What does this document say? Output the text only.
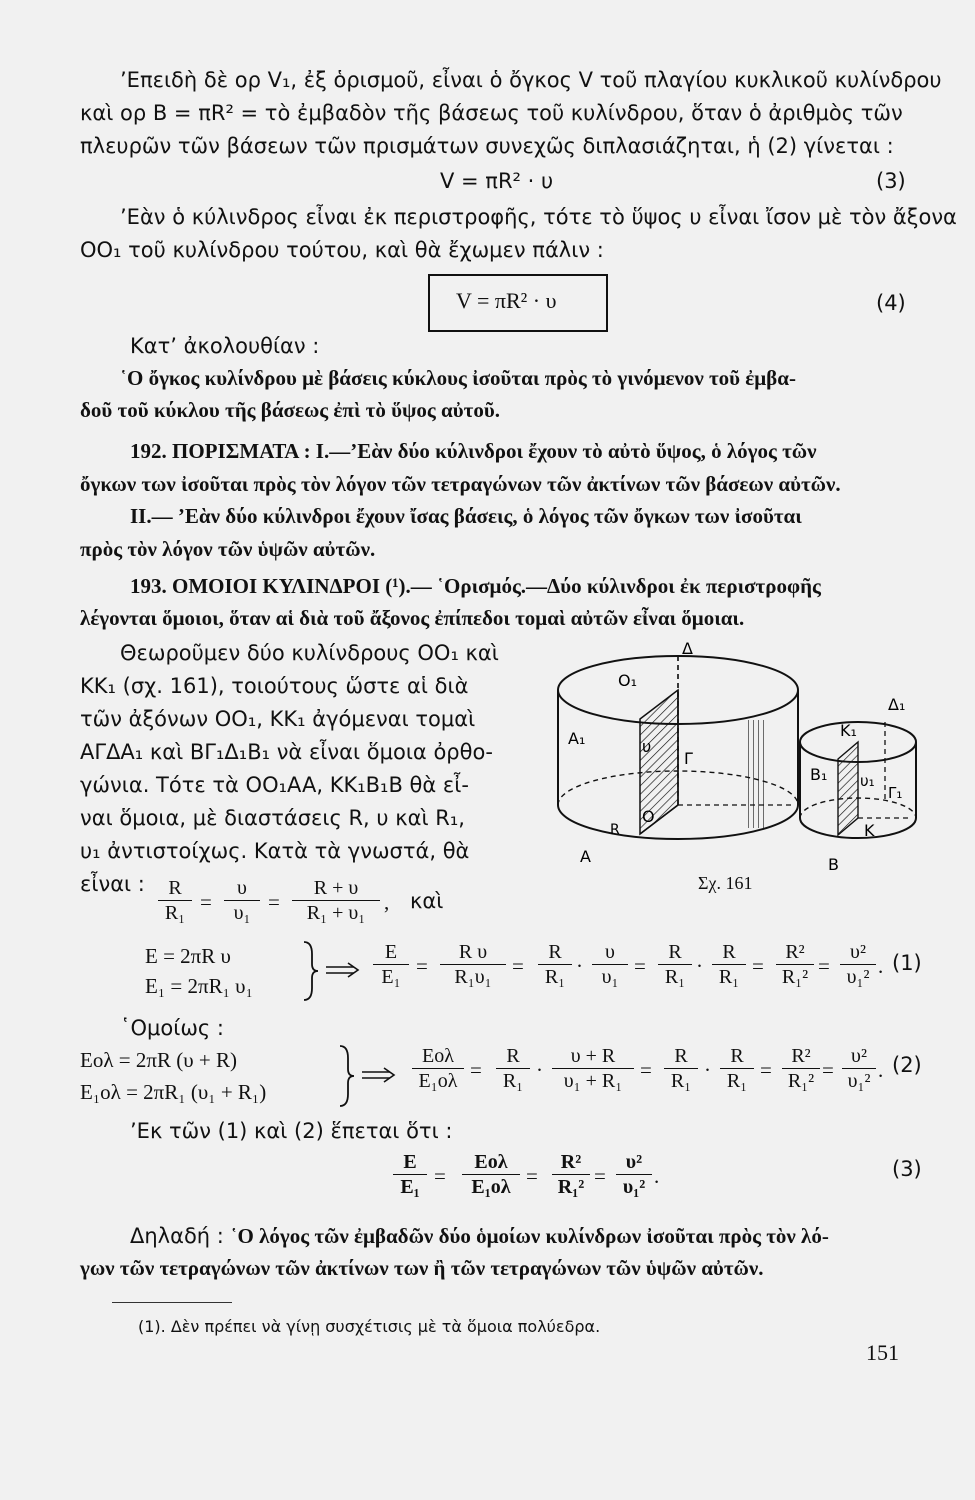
’Επειδὴ δὲ ορ V₁, ἐξ ὁρισμοῦ, εἶναι ὁ ὄγκος V τοῦ πλαγίου κυκλικοῦ κυλίνδρου
καὶ ορ B = πR² = τὸ ἐμβαδὸν τῆς βάσεως τοῦ κυλίνδρου, ὅταν ὁ ἀριθμὸς τῶν
πλευρῶν τῶν βάσεων τῶν πρισμάτων συνεχῶς διπλασιάζηται, ἡ (2) γίνεται :
V = πR² · υ	(3)
’Εὰν ὁ κύλινδρος εἶναι ἐκ περιστροφῆς, τότε τὸ ὕψος υ εἶναι ἴσον μὲ τὸν ἄξονα
OO₁ τοῦ κυλίνδρου τούτου, καὶ θὰ ἔχωμεν πάλιν :
V = πR² · υ	(4)
Κατ’ ἀκολουθίαν :
῾Ο ὄγκος κυλίνδρου μὲ βάσεις κύκλους ἰσοῦται πρὸς τὸ γινόμενον τοῦ ἐμβα-
δοῦ τοῦ κύκλου τῆς βάσεως ἐπὶ τὸ ὕψος αὐτοῦ.
192. ΠΟΡΙΣΜΑΤΑ : I.—’Εὰν δύο κύλινδροι ἔχουν τὸ αὐτὸ ὕψος, ὁ λόγος τῶν
ὄγκων των ἰσοῦται πρὸς τὸν λόγον τῶν τετραγώνων τῶν ἀκτίνων τῶν βάσεων αὐτῶν.
II.— ’Εὰν δύο κύλινδροι ἔχουν ἴσας βάσεις, ὁ λόγος τῶν ὄγκων των ἰσοῦται
πρὸς τὸν λόγον τῶν ὑψῶν αὐτῶν.
193. ΟΜΟΙΟΙ ΚΥΛΙΝΔΡΟΙ (¹).— ῾Ορισμός.—Δύο κύλινδροι ἐκ περιστροφῆς
λέγονται ὅμοιοι, ὅταν αἱ διὰ τοῦ ἄξονος ἐπίπεδοι τομαὶ αὐτῶν εἶναι ὅμοιαι.
Θεωροῦμεν δύο κυλίνδρους OO₁ καὶ
KK₁ (σχ. 161), τοιούτους ὥστε αἱ διὰ
τῶν ἀξόνων OO₁, KK₁ ἀγόμεναι τομαὶ
ΑΓΔΑ₁ καὶ ΒΓ₁Δ₁Β₁ νὰ εἶναι ὅμοια ὀρθο-
γώνια. Τότε τὰ OO₁AA, KK₁B₁B θὰ εἶ-
ναι ὅμοια, μὲ διαστάσεις R, υ καὶ R₁,
υ₁ ἀντιστοίχως. Κατὰ τὰ γνωστά, θὰ
εἶναι :
Δ
O₁
A₁	υ
Γ
O
R
A
Δ₁
K₁
B₁ υ₁
Γ₁
K
B
Σχ. 161
$\frac{R}{\text{R₁}} = \frac{\upsilon}{\text{υ₁}} = \frac{R + \upsilon}{\text{R₁ + υ₁}}$ , καὶ
E = 2πR υ
E₁ = 2πR₁ υ₁	$\frac{E}{\text{E₁}} = \frac{\text{R υ}}{\text{R₁υ₁}} = \frac{R}{\text{R₁}} \cdot \frac{\upsilon}{\text{υ₁}} = \frac{R}{\text{R₁}} \cdot \frac{R}{\text{R₁}} = \frac{\text{R²}}{\text{R₁²}} = \frac{\text{υ²}}{\text{υ₁²}}$ . (1)
῾Ομοίως :
Eολ = 2πR (υ + R)
E₁ολ = 2πR₁ (υ₁ + R₁)
Eολ
$E_1o\lambda = \frac{R}{\text{R₁}} \cdot \frac{\upsilon + R}{\text{υ₁ + R₁}} = \frac{R}{\text{R₁}} \cdot \frac{R}{\text{R₁}} = \frac{\text{R²}}{\text{R₁²}} = \frac{\text{υ²}}{\text{υ₁²}}$ . (2)
’Εκ τῶν (1) καὶ (2) ἕπεται ὅτι :
$\frac{E}{\text{E₁}}$ =
Eολ
$E_1o\lambda = \frac{\text{R²}}{\text{R₁²}} = \frac{\text{υ²}}{\text{υ₁²}}$ .	(3)
Δηλαδή : ῾Ο λόγος τῶν ἐμβαδῶν δύο ὁμοίων κυλίνδρων ἰσοῦται πρὸς τὸν λό-
γων τῶν τετραγώνων τῶν ἀκτίνων των ἢ τῶν τετραγώνων τῶν ὑψῶν αὐτῶν.
(1). Δὲν πρέπει νὰ γίνῃ συσχέτισις μὲ τὰ ὅμοια πολύεδρα.
151
